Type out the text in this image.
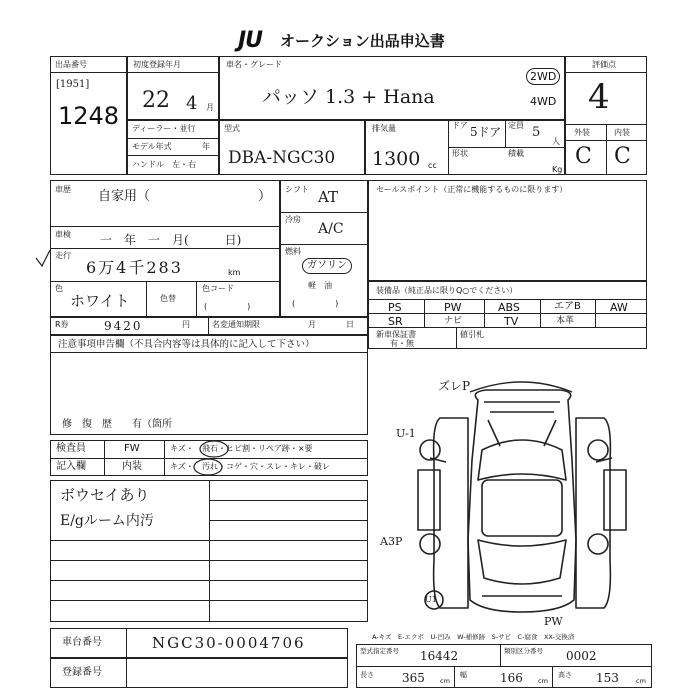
JU オークション出品申込書
出品番号
[1951]
1248
初度登録年月
22 4 月
車名・グレード
パッソ 1.3 + Hana
2WD
4WD
評価点
4
外装	内装
C C
ディーラー・並行
モデル年式	年
ハンドル　左・右
型式
DBA-NGC30
排気量
1300 cc
ドア 5ドア 定員 5
人
形状	積載
Kg
車歴 自家用（	）
車検 一　年　一　月(　　　日)
走行
6万4千283	km
色
ホワイト	色替
色コード
(　　　　　)
シフト AT
冷房
A/C
燃料
ガソリン
軽　油
(　　　　　)
セールスポイント（正常に機能するものに限ります）
装備品（純正品に限りQ○でください）
PS	PW	ABS	エアB	AW
SR	ナビ	TV	本革
新車保証書
有・無
値引札
R券	9420	円	名変通知期限	月	日
注意事項申告欄（不具合内容等は具体的に記入して下さい）
修　復　歴　　有（箇所
検査員	FW	キズ・ 飛石・ヒビ割・リペア跡・×要
記入欄	内装	キズ・ 汚れ・コゲ・穴・スレ・キレ・破レ
ボウセイあり
E/gルーム内汚
ズレP
U-1
A3P
U1
PW
車台番号	NGC30-0004706
登録番号
A-キズ　E-エクボ　U-凹み　W-補修跡　S-サビ　C-腐食　XX-交換済
型式指定番号 16442	類別区分番号 0002
長さ 365 cm
幅	166 cm
高さ 153	cm
